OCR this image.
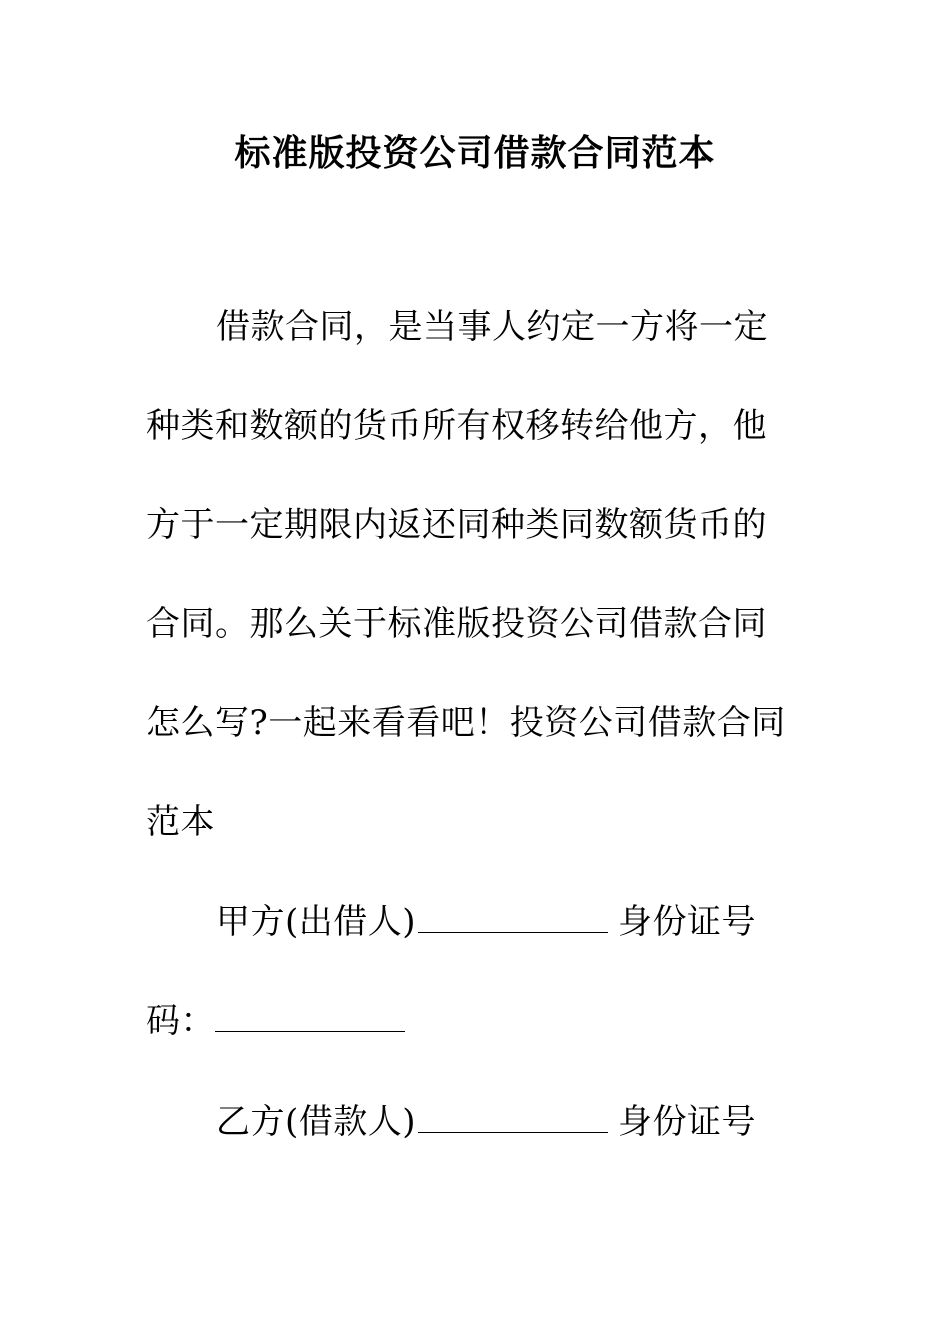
标准版投资公司借款合同范本
借款合同，是当事人约定一方将一定
种类和数额的货币所有权移转给他方，他
方于一定期限内返还同种类同数额货币的
合同。那么关于标准版投资公司借款合同
怎么写?一起来看看吧！投资公司借款合同
范本
甲方(出借人)	身份证号
码：
乙方(借款人)	身份证号
